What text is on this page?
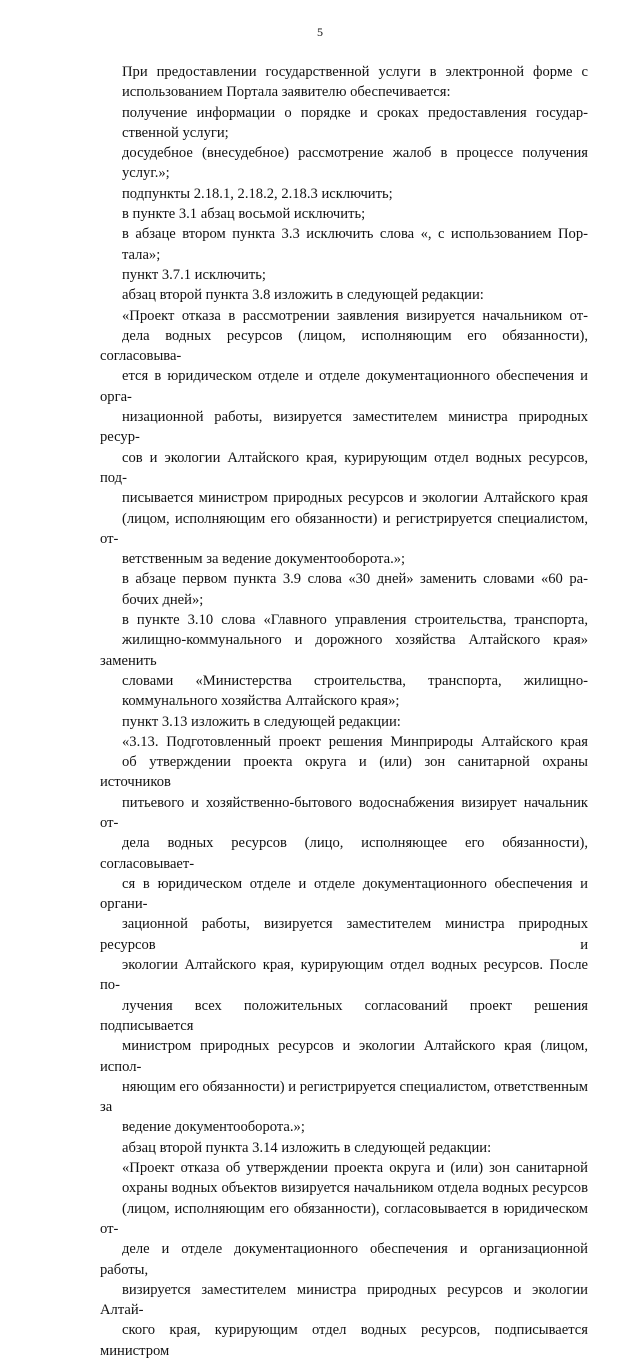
5
При предоставлении государственной услуги в электронной форме с
использованием Портала заявителю обеспечивается:
получение информации о порядке и сроках предоставления государ-
ственной услуги;
досудебное (внесудебное) рассмотрение жалоб в процессе получения
услуг.»;
подпункты 2.18.1, 2.18.2, 2.18.3 исключить;
в пункте 3.1 абзац восьмой исключить;
в абзаце втором пункта 3.3 исключить слова «, с использованием Пор-
тала»;
пункт 3.7.1 исключить;
абзац второй пункта 3.8 изложить в следующей редакции:
«Проект отказа в рассмотрении заявления визируется начальником от-
дела водных ресурсов (лицом, исполняющим его обязанности), согласовыва-
ется в юридическом отделе и отделе документационного обеспечения и орга-
низационной работы, визируется заместителем министра природных ресур-
сов и экологии Алтайского края, курирующим отдел водных ресурсов, под-
писывается министром природных ресурсов и экологии Алтайского края
(лицом, исполняющим его обязанности) и регистрируется специалистом, от-
ветственным за ведение документооборота.»;
в абзаце первом пункта 3.9 слова «30 дней» заменить словами «60 ра-
бочих дней»;
в пункте 3.10 слова «Главного управления строительства, транспорта,
жилищно-коммунального и дорожного хозяйства Алтайского края» заменить
словами «Министерства строительства, транспорта, жилищно-
коммунального хозяйства Алтайского края»;
пункт 3.13 изложить в следующей редакции:
«3.13. Подготовленный проект решения Минприроды Алтайского края
об утверждении проекта округа и (или) зон санитарной охраны источников
питьевого и хозяйственно-бытового водоснабжения визирует начальник от-
дела водных ресурсов (лицо, исполняющее его обязанности), согласовывает-
ся в юридическом отделе и отделе документационного обеспечения и органи-
зационной работы, визируется заместителем министра природных ресурсов и
экологии Алтайского края, курирующим отдел водных ресурсов. После по-
лучения всех положительных согласований проект решения подписывается
министром природных ресурсов и экологии Алтайского края (лицом, испол-
няющим его обязанности) и регистрируется специалистом, ответственным за
ведение документооборота.»;
абзац второй пункта 3.14 изложить в следующей редакции:
«Проект отказа об утверждении проекта округа и (или) зон санитарной
охраны водных объектов визируется начальником отдела водных ресурсов
(лицом, исполняющим его обязанности), согласовывается в юридическом от-
деле и отделе документационного обеспечения и организационной работы,
визируется заместителем министра природных ресурсов и экологии Алтай-
ского края, курирующим отдел водных ресурсов, подписывается министром
